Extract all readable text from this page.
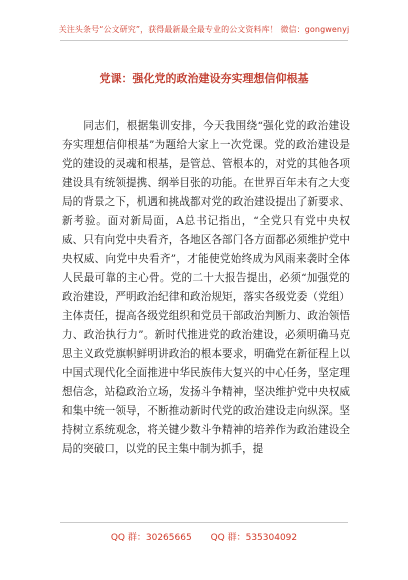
关注头条号“公文研究”，获得最新最全最专业的公文资料库！ 微信：gongwenyj
党课：强化党的政治建设夯实理想信仰根基

同志们，根据集训安排，今天我围绕“强化党的政治建设夯实理想信仰根基”为题给大家上一次党课。党的政治建设是党的建设的灵魂和根基，是管总、管根本的，对党的其他各项建设具有统领提携、纲举目张的功能。在世界百年未有之大变局的背景之下，机遇和挑战都对党的政治建设提出了新要求、新考验。面对新局面，A总书记指出，“全党只有党中央权威、只有向党中央看齐，各地区各部门各方面都必须维护党中央权威、向党中央看齐”，才能使党始终成为风雨来袭时全体人民最可靠的主心骨。党的二十大报告提出，必须“加强党的政治建设，严明政治纪律和政治规矩，落实各级党委（党组）主体责任，提高各级党组织和党员干部政治判断力、政治领悟力、政治执行力”。新时代推进党的政治建设，必须明确马克思主义政党旗帜鲜明讲政治的根本要求，明确党在新征程上以中国式现代化全面推进中华民族伟大复兴的中心任务，坚定理想信念，站稳政治立场，发扬斗争精神，坚决维护党中央权威和集中统一领导，不断推动新时代党的政治建设走向纵深。坚持树立系统观念，将关键少数斗争精神的培养作为政治建设全局的突破口，以党的民主集中制为抓手，提

QQ 群：30265665 QQ 群：535304092
